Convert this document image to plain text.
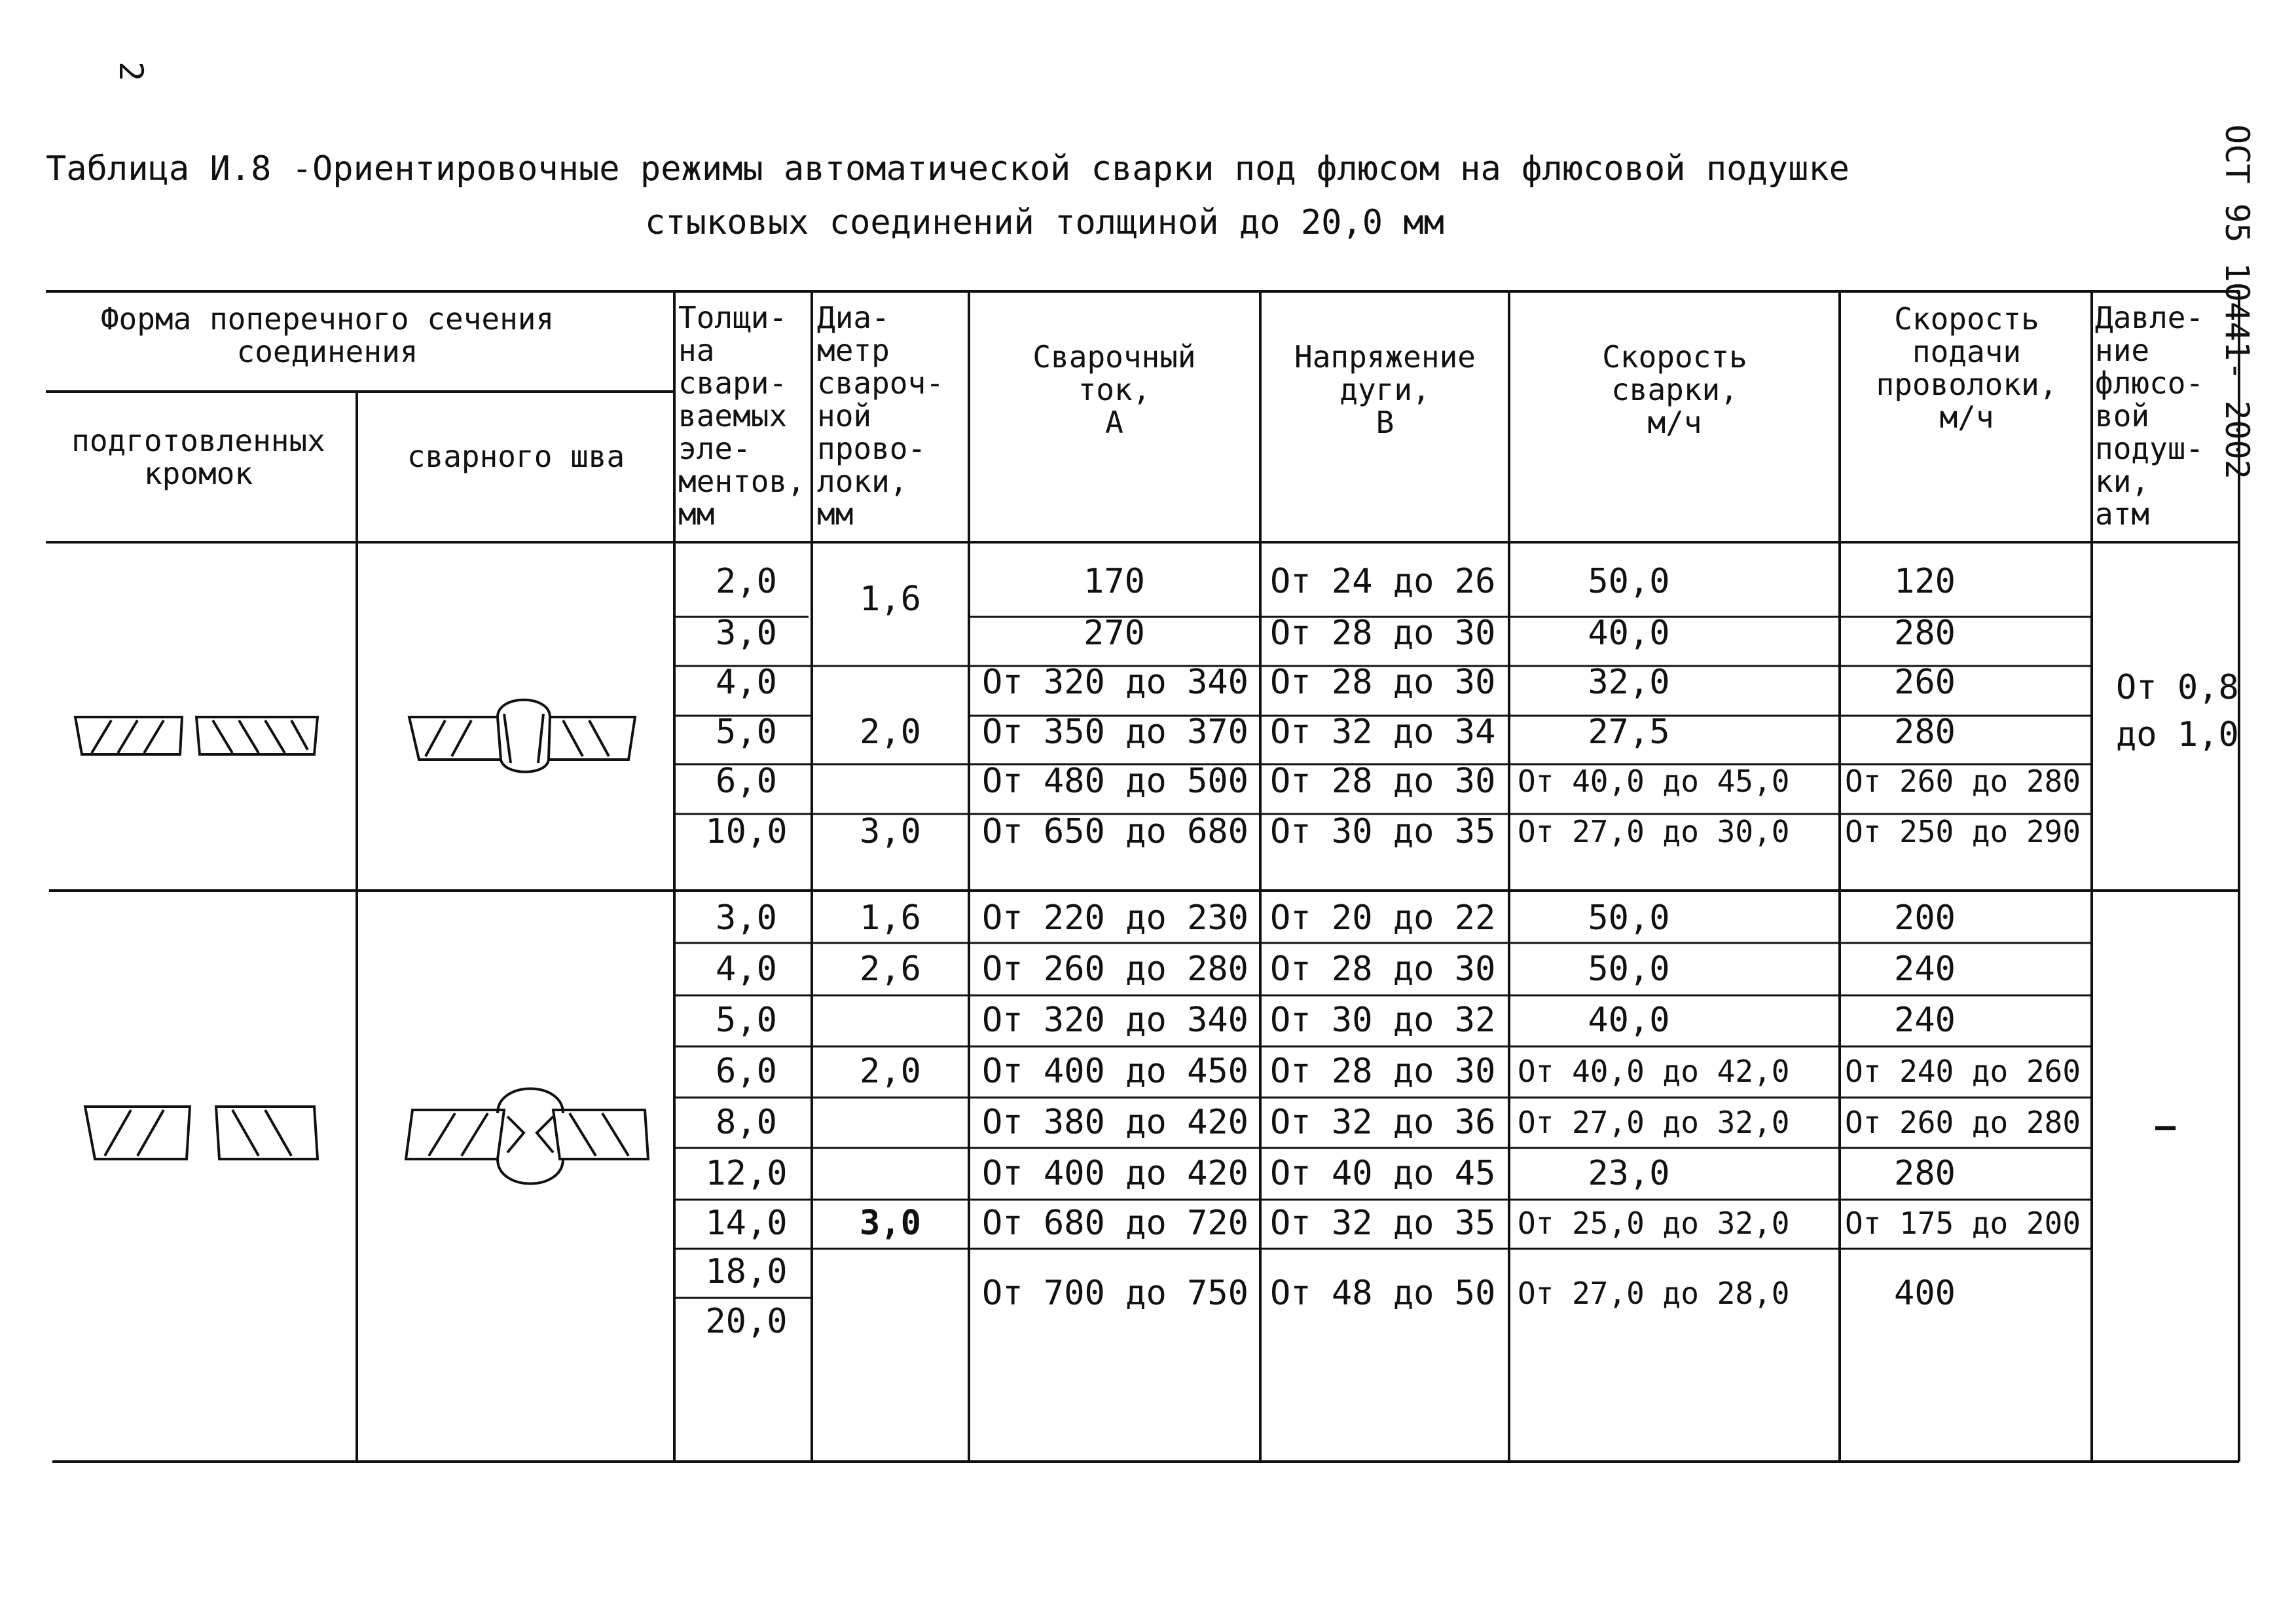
2
ОСТ 95 10441- 2002
Таблица И.8 -Ориентировочные режимы автоматической сварки под флюсом на флюсовой подушке
стыковых соединений толщиной до 20,0 мм
Форма поперечного сечения
соединения
подготовленных
кромок	сварного шва
Толщи-
на
свари-
ваемых
эле-
ментов,
мм
Диа-
метр
свароч-
ной
прово-
локи,
мм
Сварочный
ток,
А
Напряжение
дуги,
В
Скорость
сварки,
м/ч
Скорость
подачи
проволоки,
м/ч
Давле-
ние
флюсо-
вой
подуш-
ки,
атм
2,0
3,0
4,0
5,0
6,0
10,0
1,6
2,0
3,0
170
270
От 320 до 340
От 350 до 370
От 480 до 500
От 650 до 680
От 24 до 26
От 28 до 30
От 28 до 30
От 32 до 34
От 28 до 30
От 30 до 35
50,0
40,0
32,0
27,5
От 40,0 до 45,0
От 27,0 до 30,0
120
280
260
280
От 260 до 280
От 250 до 290
От 0,8
до 1,0
3,0
4,0
5,0
6,0
8,0
12,0
14,0
18,0
20,0
1,6
2,6
2,0
3,0
От 220 до 230
От 260 до 280
От 320 до 340
От 400 до 450
От 380 до 420
От 400 до 420
От 680 до 720
От 700 до 750
От 20 до 22
От 28 до 30
От 30 до 32
От 28 до 30
От 32 до 36
От 40 до 45
От 32 до 35
От 48 до 50
50,0
50,0
40,0
От 40,0 до 42,0
От 27,0 до 32,0
23,0
От 25,0 до 32,0
От 27,0 до 28,0
200
240
240
От 240 до 260
От 260 до 280
280
От 175 до 200
400
–
